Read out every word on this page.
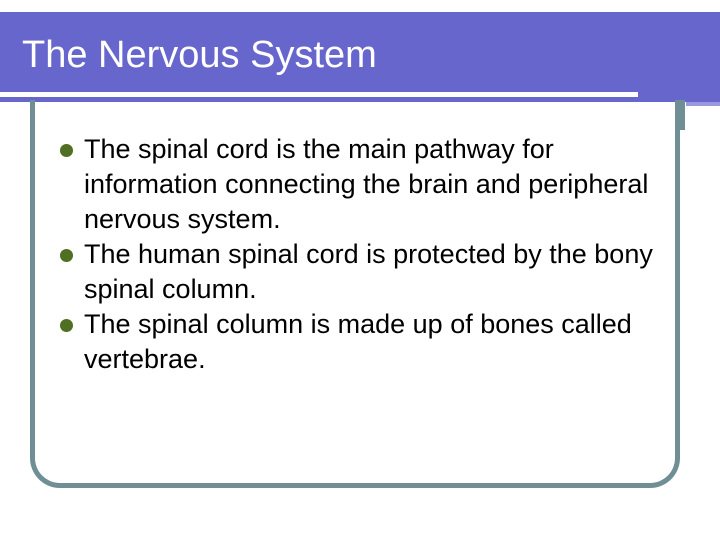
The Nervous System
The spinal cord is the main pathway for information connecting the brain and peripheral nervous system.
The human spinal cord is protected by the bony spinal column.
The spinal column is made up of bones called vertebrae.
